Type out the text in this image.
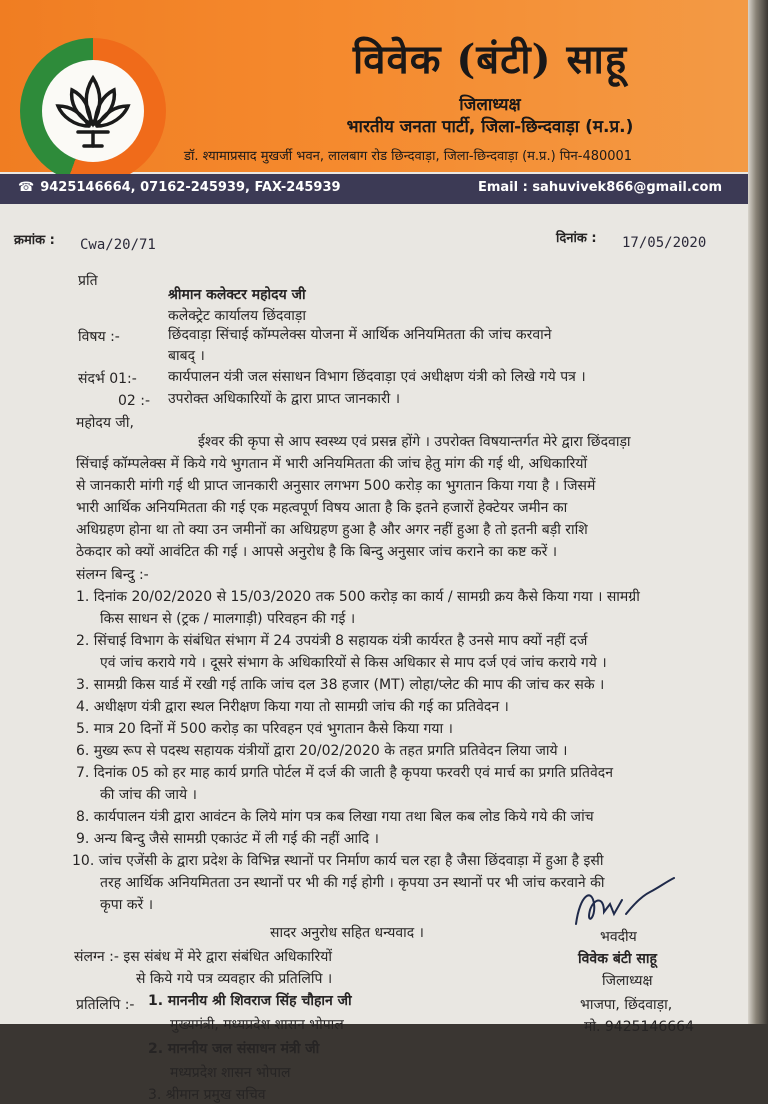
विवेक (बंटी) साहू
जिलाध्यक्ष
भारतीय जनता पार्टी, जिला-छिन्दवाड़ा (म.प्र.)
डॉ. श्यामाप्रसाद मुखर्जी भवन, लालबाग रोड छिन्दवाड़ा, जिला-छिन्दवाड़ा (म.प्र.) पिन-480001
☎ 9425146664, 07162-245939, FAX-245939	Email : sahuvivek866@gmail.com
क्रमांक : Cwa/20/71	दिनांक : 17/05/2020
प्रति
श्रीमान कलेक्टर महोदय जी
कलेक्ट्रेट कार्यालय छिंदवाड़ा
विषय :-	छिंदवाड़ा सिंचाई कॉम्पलेक्स योजना में आर्थिक अनियमितता की जांच करवाने
बाबद् ।
संदर्भ 01:- कार्यपालन यंत्री जल संसाधन विभाग छिंदवाड़ा एवं अधीक्षण यंत्री को लिखे गये पत्र ।
02 :- उपरोक्त अधिकारियों के द्वारा प्राप्त जानकारी ।
महोदय जी,
ईश्वर की कृपा से आप स्वस्थ्य एवं प्रसन्न होंगे । उपरोक्त विषयान्तर्गत मेरे द्वारा छिंदवाड़ा
सिंचाई कॉम्पलेक्स में किये गये भुगतान में भारी अनियमितता की जांच हेतु मांग की गई थी, अधिकारियों
से जानकारी मांगी गई थी प्राप्त जानकारी अनुसार लगभग 500 करोड़ का भुगतान किया गया है । जिसमें
भारी आर्थिक अनियमितता की गई एक महत्वपूर्ण विषय आता है कि इतने हजारों हेक्टेयर जमीन का
अधिग्रहण होना था तो क्या उन जमीनों का अधिग्रहण हुआ है और अगर नहीं हुआ है तो इतनी बड़ी राशि
ठेकदार को क्यों आवंटित की गई । आपसे अनुरोध है कि बिन्दु अनुसार जांच कराने का कष्ट करें ।
संलग्न बिन्दु :-
1. दिनांक 20/02/2020 से 15/03/2020 तक 500 करोड़ का कार्य / सामग्री क्रय कैसे किया गया । सामग्री
किस साधन से (ट्रक / मालगाड़ी) परिवहन की गई ।
2. सिंचाई विभाग के संबंधित संभाग में 24 उपयंत्री 8 सहायक यंत्री कार्यरत है उनसे माप क्यों नहीं दर्ज
एवं जांच कराये गये । दूसरे संभाग के अधिकारियों से किस अधिकार से माप दर्ज एवं जांच कराये गये ।
3. सामग्री किस यार्ड में रखी गई ताकि जांच दल 38 हजार (MT) लोहा/प्लेट की माप की जांच कर सके ।
4. अधीक्षण यंत्री द्वारा स्थल निरीक्षण किया गया तो सामग्री जांच की गई का प्रतिवेदन ।
5. मात्र 20 दिनों में 500 करोड़ का परिवहन एवं भुगतान कैसे किया गया ।
6. मुख्य रूप से पदस्थ सहायक यंत्रीयों द्वारा 20/02/2020 के तहत प्रगति प्रतिवेदन लिया जाये ।
7. दिनांक 05 को हर माह कार्य प्रगति पोर्टल में दर्ज की जाती है कृपया फरवरी एवं मार्च का प्रगति प्रतिवेदन
की जांच की जाये ।
8. कार्यपालन यंत्री द्वारा आवंटन के लिये मांग पत्र कब लिखा गया तथा बिल कब लोड किये गये की जांच
9. अन्य बिन्दु जैसे सामग्री एकाउंट में ली गई की नहीं आदि ।
10. जांच एजेंसी के द्वारा प्रदेश के विभिन्न स्थानों पर निर्माण कार्य चल रहा है जैसा छिंदवाड़ा में हुआ है इसी
तरह आर्थिक अनियमितता उन स्थानों पर भी की गई होगी । कृपया उन स्थानों पर भी जांच करवाने की
कृपा करें ।
सादर अनुरोध सहित धन्यवाद ।	भवदीय
संलग्न :- इस संबंध में मेरे द्वारा संबंधित अधिकारियों
से किये गये पत्र व्यवहार की प्रतिलिपि ।
प्रतिलिपि :- 1. माननीय श्री शिवराज सिंह चौहान जी
मुख्यमंत्री, मध्यप्रदेश शासन भोपाल
2. माननीय जल संसाधन मंत्री जी
मध्यप्रदेश शासन भोपाल
3. श्रीमान प्रमुख सचिव
विवेक बंटी साहू
जिलाध्यक्ष
भाजपा, छिंदवाड़ा,
मो. 9425146664
